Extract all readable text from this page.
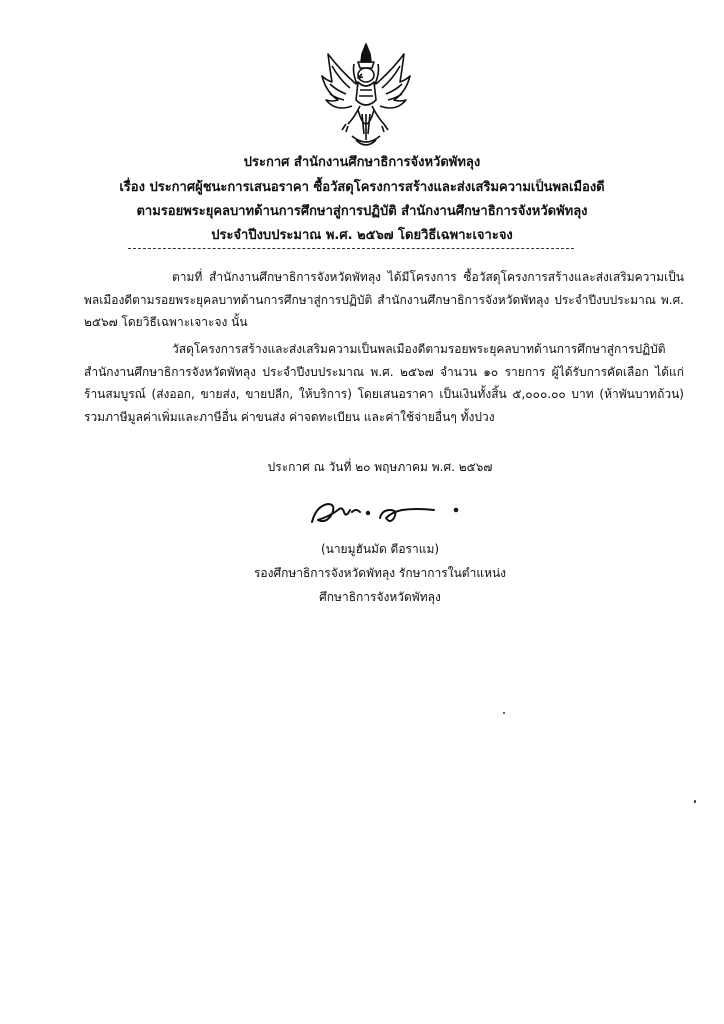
ประกาศ สำนักงานศึกษาธิการจังหวัดพัทลุง
เรื่อง ประกาศผู้ชนะการเสนอราคา ซื้อวัสดุโครงการสร้างและส่งเสริมความเป็นพลเมืองดี
ตามรอยพระยุคลบาทด้านการศึกษาสู่การปฏิบัติ สำนักงานศึกษาธิการจังหวัดพัทลุง
ประจำปีงบประมาณ พ.ศ. ๒๕๖๗ โดยวิธีเฉพาะเจาะจง
ตามที่ สำนักงานศึกษาธิการจังหวัดพัทลุง ได้มีโครงการ ซื้อวัสดุโครงการสร้างและส่งเสริมความเป็นพลเมืองดีตามรอยพระยุคลบาทด้านการศึกษาสู่การปฏิบัติ สำนักงานศึกษาธิการจังหวัดพัทลุง ประจำปีงบประมาณ พ.ศ. ๒๕๖๗ โดยวิธีเฉพาะเจาะจง นั้น
วัสดุโครงการสร้างและส่งเสริมความเป็นพลเมืองดีตามรอยพระยุคลบาทด้านการศึกษาสู่การปฏิบัติ สำนักงานศึกษาธิการจังหวัดพัทลุง ประจำปีงบประมาณ พ.ศ. ๒๕๖๗ จำนวน ๑๐ รายการ ผู้ได้รับการคัดเลือก ได้แก่ ร้านสมบูรณ์ (ส่งออก, ขายส่ง, ขายปลีก, ให้บริการ) โดยเสนอราคา เป็นเงินทั้งสิ้น ๕,๐๐๐.๐๐ บาท (ห้าพันบาทถ้วน) รวมภาษีมูลค่าเพิ่มและภาษีอื่น ค่าขนส่ง ค่าจดทะเบียน และค่าใช้จ่ายอื่นๆ ทั้งปวง
ประกาศ ณ วันที่ ๒๐ พฤษภาคม พ.ศ. ๒๕๖๗
(นายมูฮันมัด ดีอราแม)
รองศึกษาธิการจังหวัดพัทลุง รักษาการในตำแหน่ง
ศึกษาธิการจังหวัดพัทลุง
